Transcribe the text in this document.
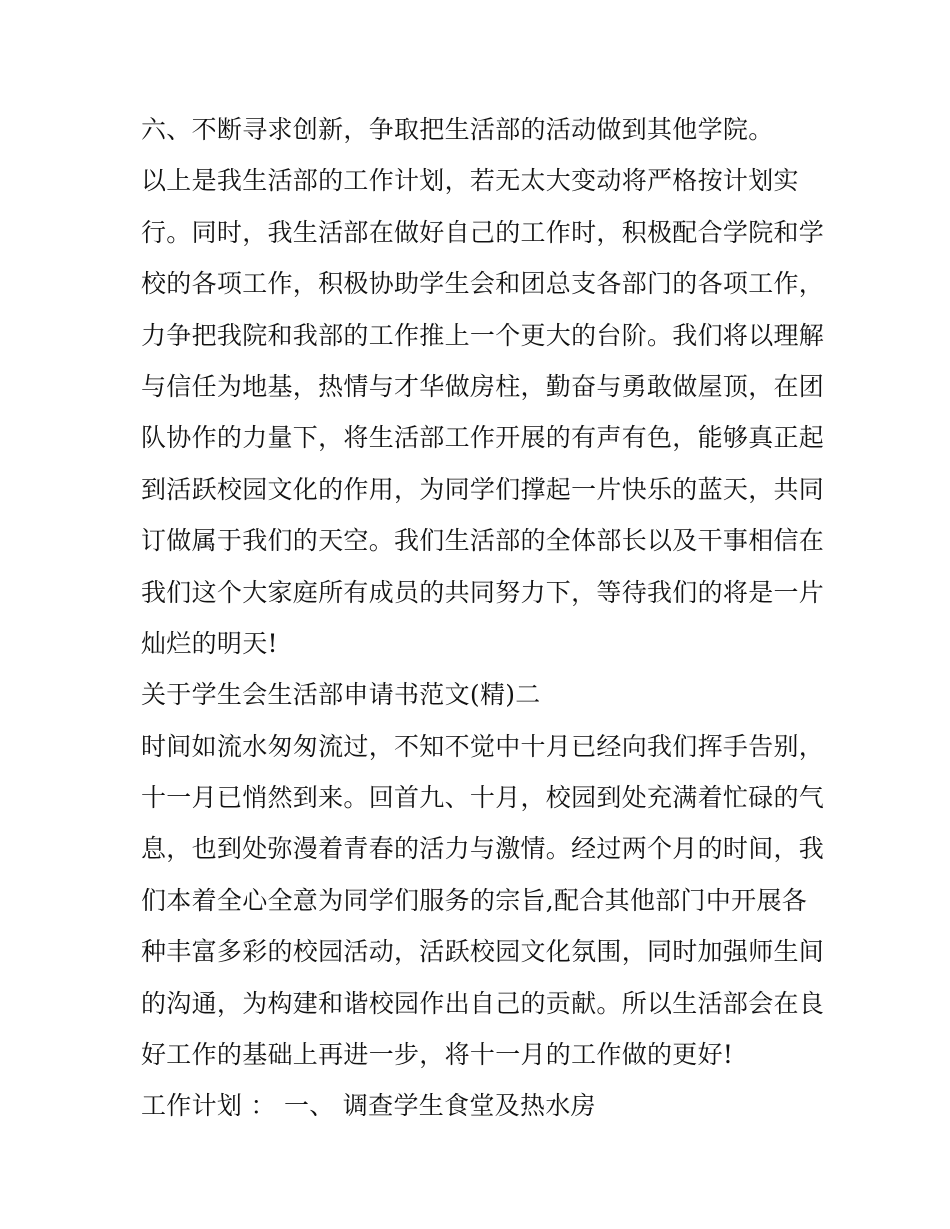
六、不断寻求创新，争取把生活部的活动做到其他学院。
以上是我生活部的工作计划，若无太大变动将严格按计划实
行。同时，我生活部在做好自己的工作时，积极配合学院和学
校的各项工作，积极协助学生会和团总支各部门的各项工作，
力争把我院和我部的工作推上一个更大的台阶。我们将以理解
与信任为地基，热情与才华做房柱，勤奋与勇敢做屋顶，在团
队协作的力量下，将生活部工作开展的有声有色，能够真正起
到活跃校园文化的作用，为同学们撑起一片快乐的蓝天，共同
订做属于我们的天空。我们生活部的全体部长以及干事相信在
我们这个大家庭所有成员的共同努力下，等待我们的将是一片
灿烂的明天!
关于学生会生活部申请书范文(精)二
时间如流水匆匆流过，不知不觉中十月已经向我们挥手告别，
十一月已悄然到来。回首九、十月，校园到处充满着忙碌的气
息，也到处弥漫着青春的活力与激情。经过两个月的时间，我
们本着全心全意为同学们服务的宗旨,配合其他部门中开展各
种丰富多彩的校园活动，活跃校园文化氛围，同时加强师生间
的沟通，为构建和谐校园作出自己的贡献。所以生活部会在良
好工作的基础上再进一步，将十一月的工作做的更好!
工作计划 ： 一、 调查学生食堂及热水房
